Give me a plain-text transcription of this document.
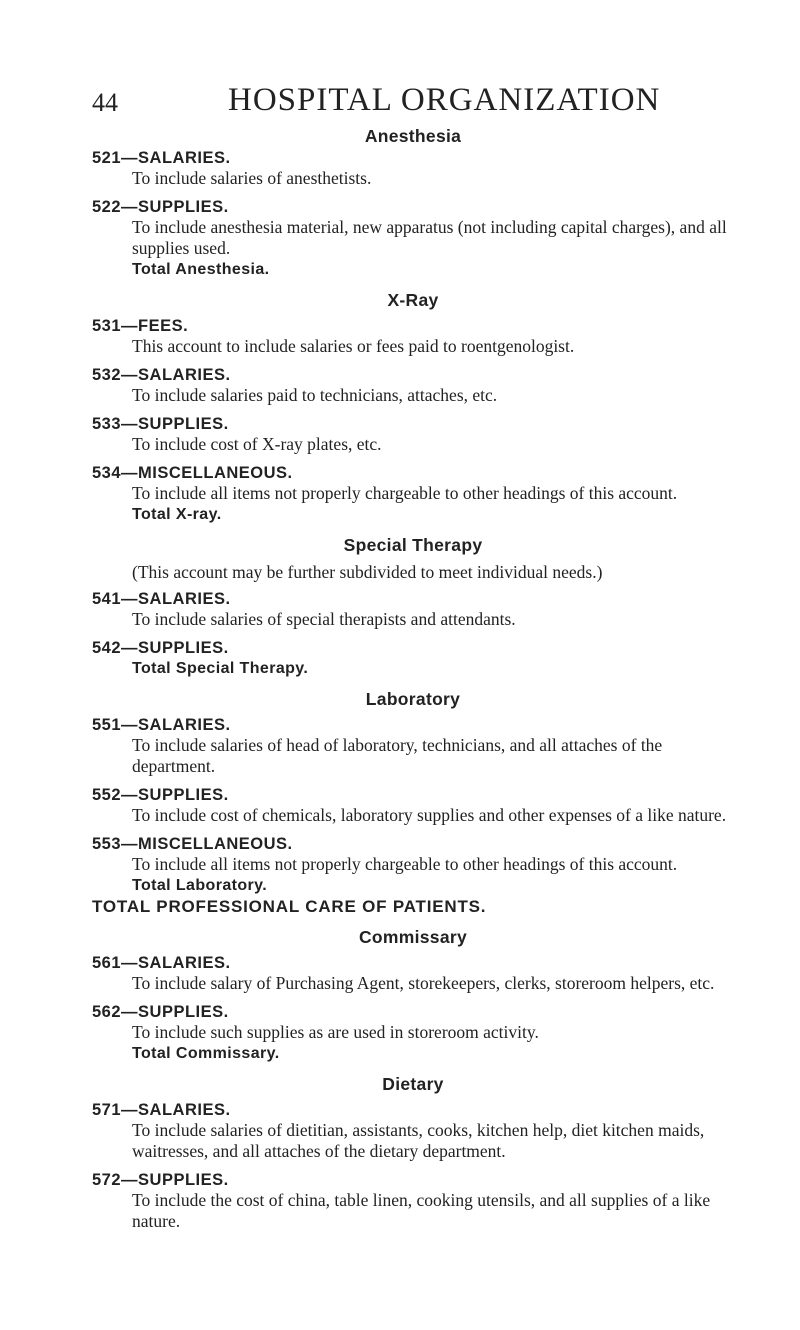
44	HOSPITAL ORGANIZATION
Anesthesia
521—SALARIES.
To include salaries of anesthetists.
522—SUPPLIES.
To include anesthesia material, new apparatus (not including capital charges), and all supplies used.
Total Anesthesia.
X-Ray
531—FEES.
This account to include salaries or fees paid to roentgenologist.
532—SALARIES.
To include salaries paid to technicians, attaches, etc.
533—SUPPLIES.
To include cost of X-ray plates, etc.
534—MISCELLANEOUS.
To include all items not properly chargeable to other headings of this account.
Total X-ray.
Special Therapy
(This account may be further subdivided to meet individual needs.)
541—SALARIES.
To include salaries of special therapists and attendants.
542—SUPPLIES.
Total Special Therapy.
Laboratory
551—SALARIES.
To include salaries of head of laboratory, technicians, and all attaches of the department.
552—SUPPLIES.
To include cost of chemicals, laboratory supplies and other expenses of a like nature.
553—MISCELLANEOUS.
To include all items not properly chargeable to other headings of this account.
Total Laboratory.
TOTAL PROFESSIONAL CARE OF PATIENTS.
Commissary
561—SALARIES.
To include salary of Purchasing Agent, storekeepers, clerks, storeroom helpers, etc.
562—SUPPLIES.
To include such supplies as are used in storeroom activity.
Total Commissary.
Dietary
571—SALARIES.
To include salaries of dietitian, assistants, cooks, kitchen help, diet kitchen maids, waitresses, and all attaches of the dietary department.
572—SUPPLIES.
To include the cost of china, table linen, cooking utensils, and all supplies of a like nature.
